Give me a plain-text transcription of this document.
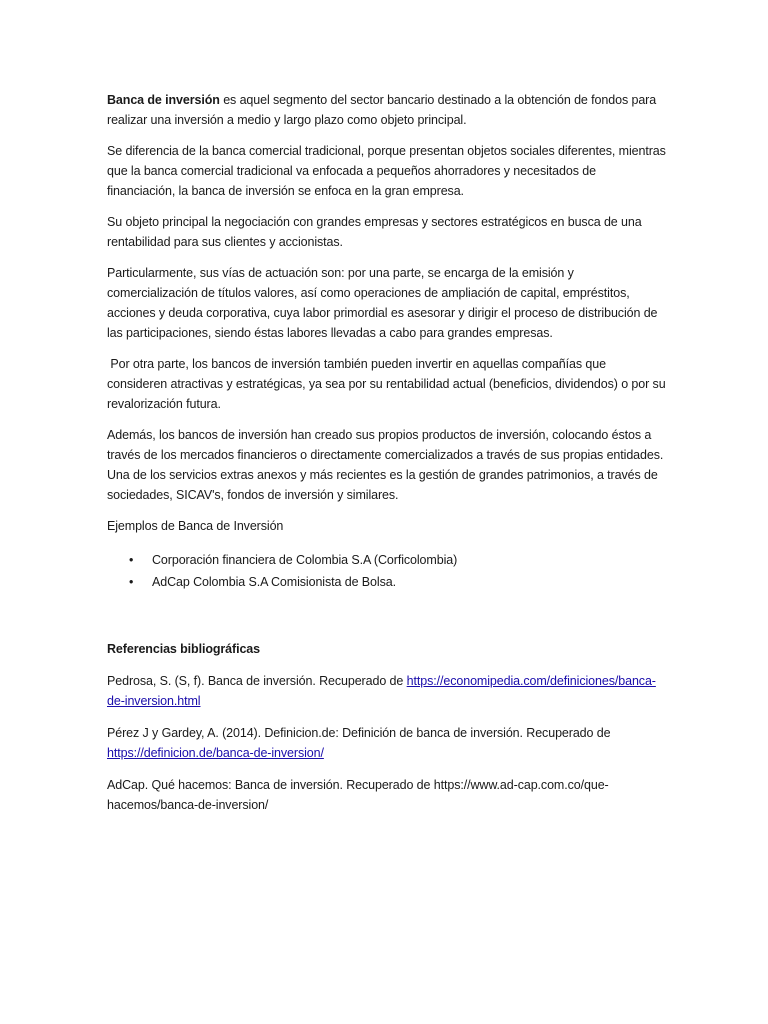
Banca de inversión es aquel segmento del sector bancario destinado a la obtención de fondos para realizar una inversión a medio y largo plazo como objeto principal.

Se diferencia de la banca comercial tradicional, porque presentan objetos sociales diferentes, mientras que la banca comercial tradicional va enfocada a pequeños ahorradores y necesitados de financiación, la banca de inversión se enfoca en la gran empresa.

Su objeto principal la negociación con grandes empresas y sectores estratégicos en busca de una rentabilidad para sus clientes y accionistas.

Particularmente, sus vías de actuación son: por una parte, se encarga de la emisión y comercialización de títulos valores, así como operaciones de ampliación de capital, empréstitos, acciones y deuda corporativa, cuya labor primordial es asesorar y dirigir el proceso de distribución de las participaciones, siendo éstas labores llevadas a cabo para grandes empresas.

Por otra parte, los bancos de inversión también pueden invertir en aquellas compañías que consideren atractivas y estratégicas, ya sea por su rentabilidad actual (beneficios, dividendos) o por su revalorización futura.

Además, los bancos de inversión han creado sus propios productos de inversión, colocando éstos a través de los mercados financieros o directamente comercializados a través de sus propias entidades. Una de los servicios extras anexos y más recientes es la gestión de grandes patrimonios, a través de sociedades, SICAV's, fondos de inversión y similares.

Ejemplos de Banca de Inversión

• Corporación financiera de Colombia S.A (Corficolombia)
• AdCap Colombia S.A Comisionista de Bolsa.

Referencias bibliográficas

Pedrosa, S. (S, f). Banca de inversión. Recuperado de https://economipedia.com/definiciones/banca-de-inversion.html

Pérez J y Gardey, A. (2014). Definicion.de: Definición de banca de inversión. Recuperado de https://definicion.de/banca-de-inversion/

AdCap. Qué hacemos: Banca de inversión. Recuperado de https://www.ad-cap.com.co/que-hacemos/banca-de-inversion/
